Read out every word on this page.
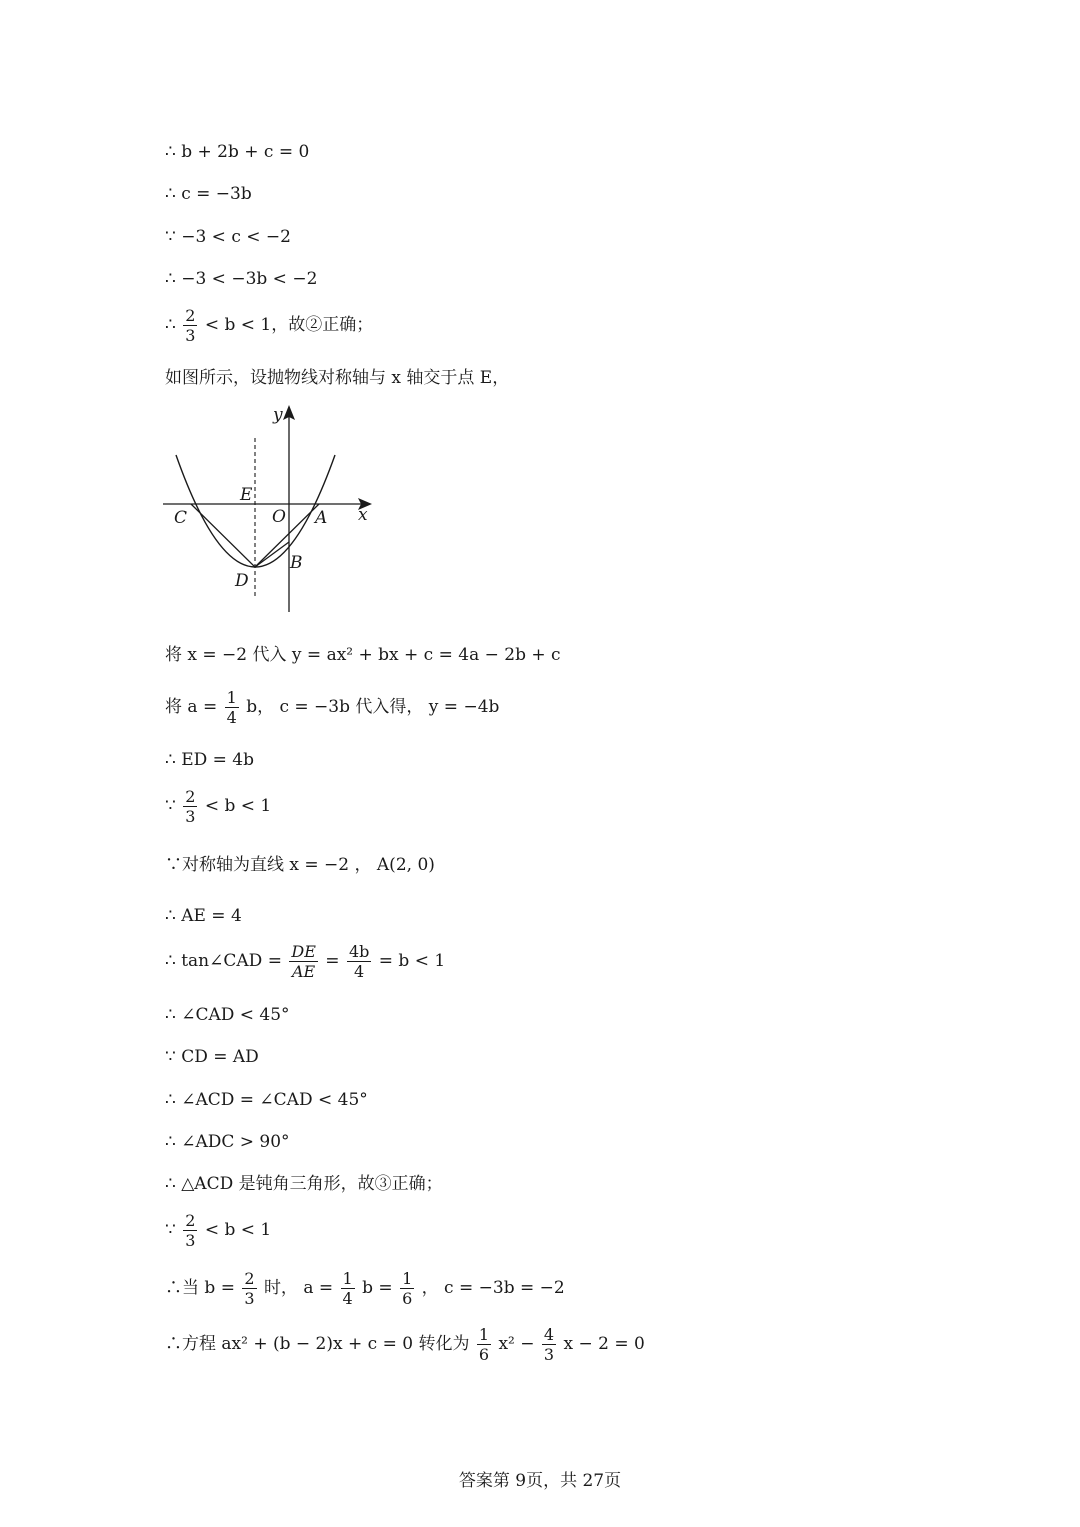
∴ b + 2b + c = 0
∴ c = −3b
∵ −3 < c < −2
∴ −3 < −3b < −2
∴ $\frac{2}{3} < b < 1$，故②正确；
如图所示，设抛物线对称轴与 x 轴交于点 E，
y
E
C	O A x
B
D
将 x = −2 代入 y = ax² + bx + c = 4a − 2b + c
将 $a = \frac{1}{4}$ b， c = −3b 代入得， y = −4b
∴ ED = 4b
∵ $\frac{2}{3} < b < 1$
∵对称轴为直线 x = −2 ， A(2, 0)
∴ AE = 4
∴ tan∠CAD = $\frac{DE}{AE} = \frac{4b}{4} = b < 1$
∴ ∠CAD < 45°
∵ CD = AD
∴ ∠ACD = ∠CAD < 45°
∴ ∠ADC > 90°
∴ △ACD 是钝角三角形，故③正确；
∵ $\frac{2}{3} < b < 1$
∴当 $b = \frac{2}{3}$ 时， $a = \frac{1}{4}$ $b = \frac{1}{6}$ ， c = −3b = −2
∴方程 ax² + (b − 2)x + c = 0 转化为 $\frac{1}{6} x^2 - \frac{4}{3}$ x − 2 = 0
答案第 9页，共 27页
